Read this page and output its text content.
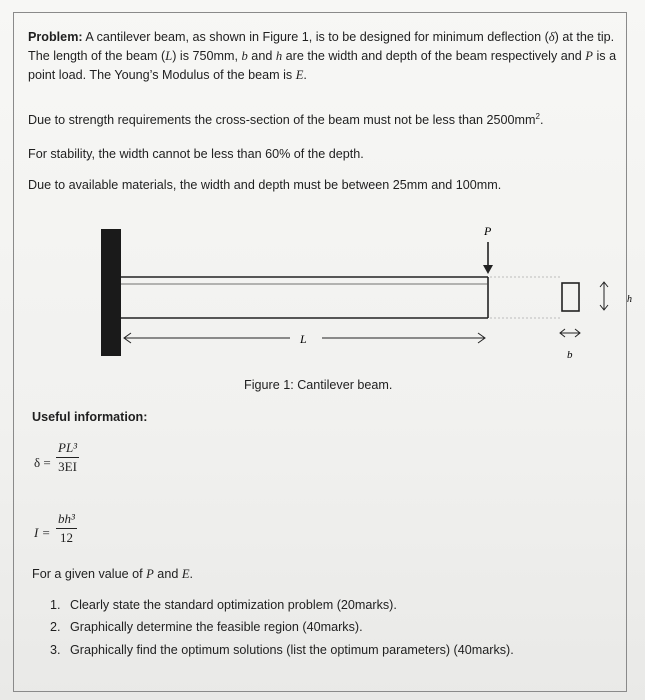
Problem: A cantilever beam, as shown in Figure 1, is to be designed for minimum deflection (δ) at the tip. The length of the beam (L) is 750mm, b and h are the width and depth of the beam respectively and P is a point load. The Young’s Modulus of the beam is E.
Due to strength requirements the cross-section of the beam must not be less than $2500mm^2$.
For stability, the width cannot be less than 60% of the depth.
Due to available materials, the width and depth must be between 25mm and 100mm.
P
L
h
b
Figure 1: Cantilever beam.
Useful information:
$\delta = \frac{\text{PL³}}{3EI}$
$I = \frac{\text{bh³}}{12}$
For a given value of P and E.
1. Clearly state the standard optimization problem (20marks).
2. Graphically determine the feasible region (40marks).
3. Graphically find the optimum solutions (list the optimum parameters) (40marks).
